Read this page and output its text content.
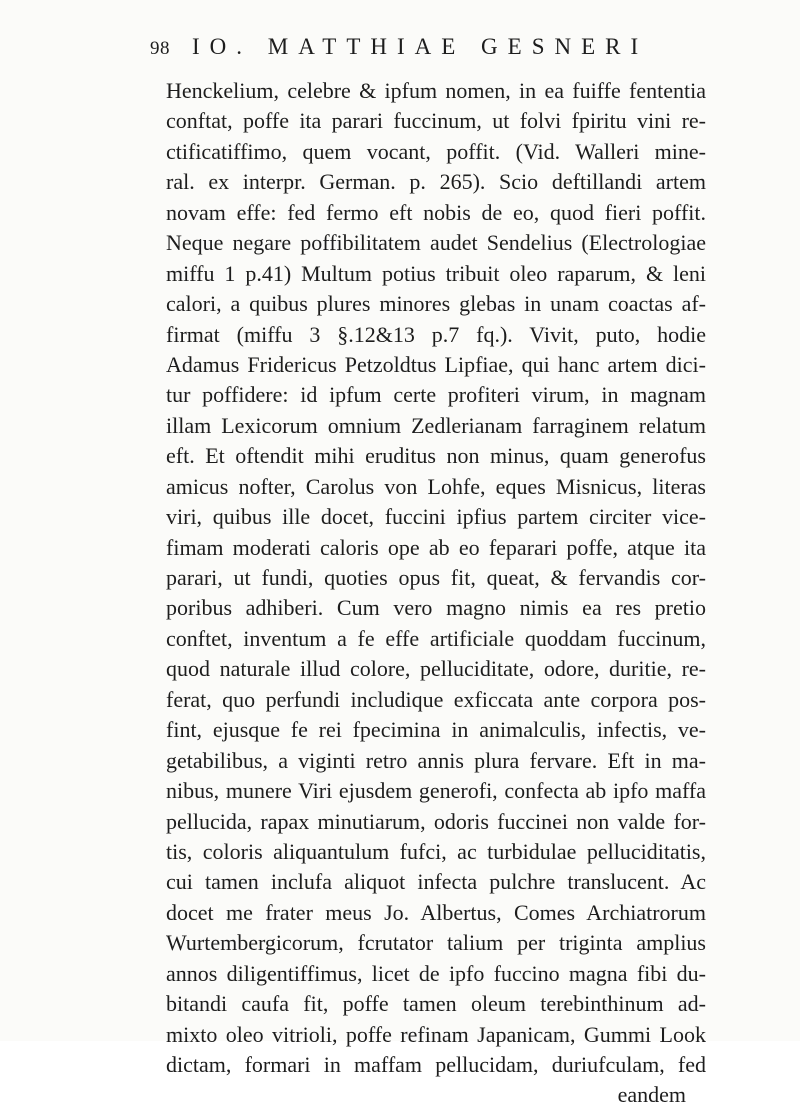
98 IO. MATTHIAE GESNERI
Henckelium, celebre & ipfum nomen, in ea fuiffe fententia
conftat, poffe ita parari fuccinum, ut folvi fpiritu vini re-
ctificatiffimo, quem vocant, poffit. (Vid. Walleri mine-
ral. ex interpr. German. p. 265). Scio deftillandi artem
novam effe: fed fermo eft nobis de eo, quod fieri poffit.
Neque negare poffibilitatem audet Sendelius (Electrologiae
miffu 1 p.41) Multum potius tribuit oleo raparum, & leni
calori, a quibus plures minores glebas in unam coactas af-
firmat (miffu 3 §.12&13 p.7 fq.). Vivit, puto, hodie
Adamus Fridericus Petzoldtus Lipfiae, qui hanc artem dici-
tur poffidere: id ipfum certe profiteri virum, in magnam
illam Lexicorum omnium Zedlerianam farraginem relatum
eft. Et oftendit mihi eruditus non minus, quam generofus
amicus nofter, Carolus von Lohfe, eques Misnicus, literas
viri, quibus ille docet, fuccini ipfius partem circiter vice-
fimam moderati caloris ope ab eo feparari poffe, atque ita
parari, ut fundi, quoties opus fit, queat, & fervandis cor-
poribus adhiberi. Cum vero magno nimis ea res pretio
conftet, inventum a fe effe artificiale quoddam fuccinum,
quod naturale illud colore, pelluciditate, odore, duritie, re-
ferat, quo perfundi includique exficcata ante corpora pos-
fint, ejusque fe rei fpecimina in animalculis, infectis, ve-
getabilibus, a viginti retro annis plura fervare. Eft in ma-
nibus, munere Viri ejusdem generofi, confecta ab ipfo maffa
pellucida, rapax minutiarum, odoris fuccinei non valde for-
tis, coloris aliquantulum fufci, ac turbidulae pelluciditatis,
cui tamen inclufa aliquot infecta pulchre translucent. Ac
docet me frater meus Jo. Albertus, Comes Archiatrorum
Wurtembergicorum, fcrutator talium per triginta amplius
annos diligentiffimus, licet de ipfo fuccino magna fibi du-
bitandi caufa fit, poffe tamen oleum terebinthinum ad-
mixto oleo vitrioli, poffe refinam Japanicam, Gummi Look
dictam, formari in maffam pellucidam, duriufculam, fed
eandem
